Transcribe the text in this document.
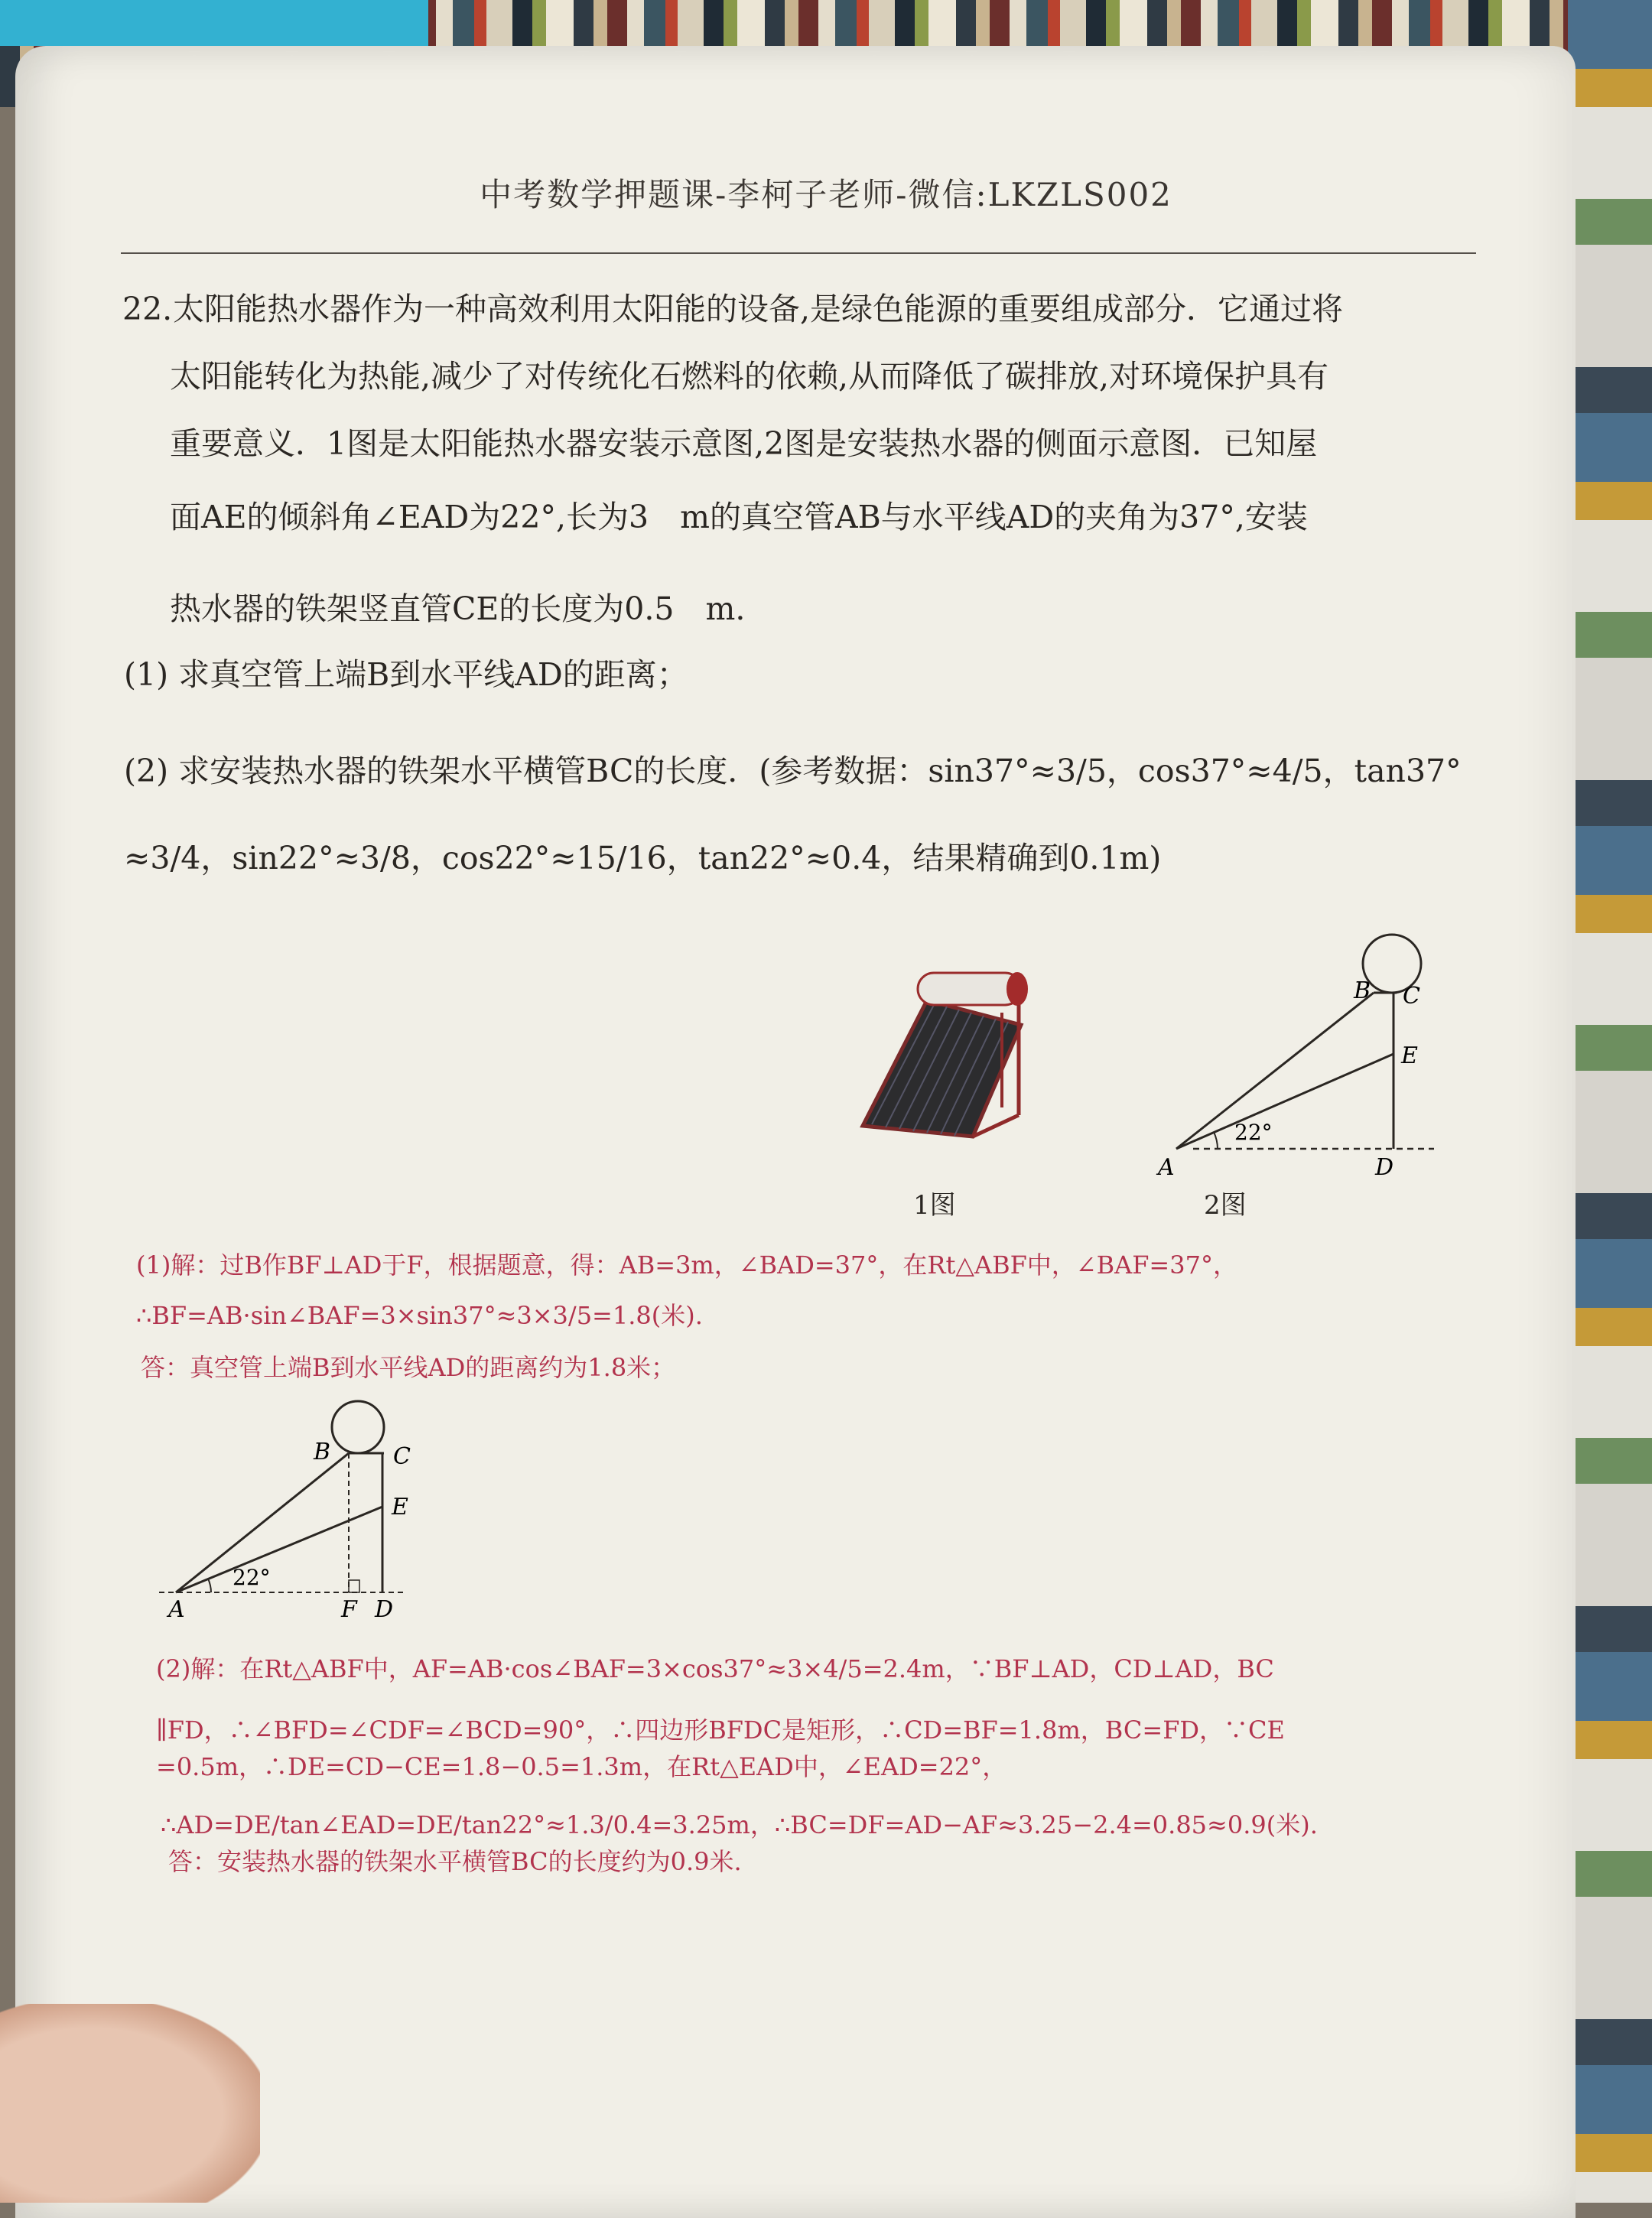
中考数学押题课-李柯子老师-微信:LKZLS002
22. 太阳能热水器作为一种高效利用太阳能的设备,是绿色能源的重要组成部分．它通过将
太阳能转化为热能,减少了对传统化石燃料的依赖,从而降低了碳排放,对环境保护具有
重要意义．1图是太阳能热水器安装示意图,2图是安装热水器的侧面示意图．已知屋
面AE的倾斜角∠EAD为22°,长为3　m的真空管AB与水平线AD的夹角为37°,安装
热水器的铁架竖直管CE的长度为0.5　m.
(1) 求真空管上端B到水平线AD的距离；
(2) 求安装热水器的铁架水平横管BC的长度．(参考数据：sin37°≈3/5，cos37°≈4/5，tan37°
≈3/4，sin22°≈3/8，cos22°≈15/16，tan22°≈0.4，结果精确到0.1m)
1图
B C
E
A	D
22°
2图
(1)解：过B作BF⊥AD于F，根据题意，得：AB=3m，∠BAD=37°，在Rt△ABF中，∠BAF=37°，
∴BF=AB·sin∠BAF=3×sin37°≈3×3/5=1.8(米).
答：真空管上端B到水平线AD的距离约为1.8米；
B	C
E
A	F D
22°
(2)解：在Rt△ABF中，AF=AB·cos∠BAF=3×cos37°≈3×4/5=2.4m，∵BF⊥AD，CD⊥AD，BC
∥FD，∴∠BFD=∠CDF=∠BCD=90°，∴四边形BFDC是矩形，∴CD=BF=1.8m，BC=FD，∵CE
=0.5m，∴DE=CD−CE=1.8−0.5=1.3m，在Rt△EAD中，∠EAD=22°，
∴AD=DE/tan∠EAD=DE/tan22°≈1.3/0.4=3.25m，∴BC=DF=AD−AF≈3.25−2.4=0.85≈0.9(米).
答：安装热水器的铁架水平横管BC的长度约为0.9米.
